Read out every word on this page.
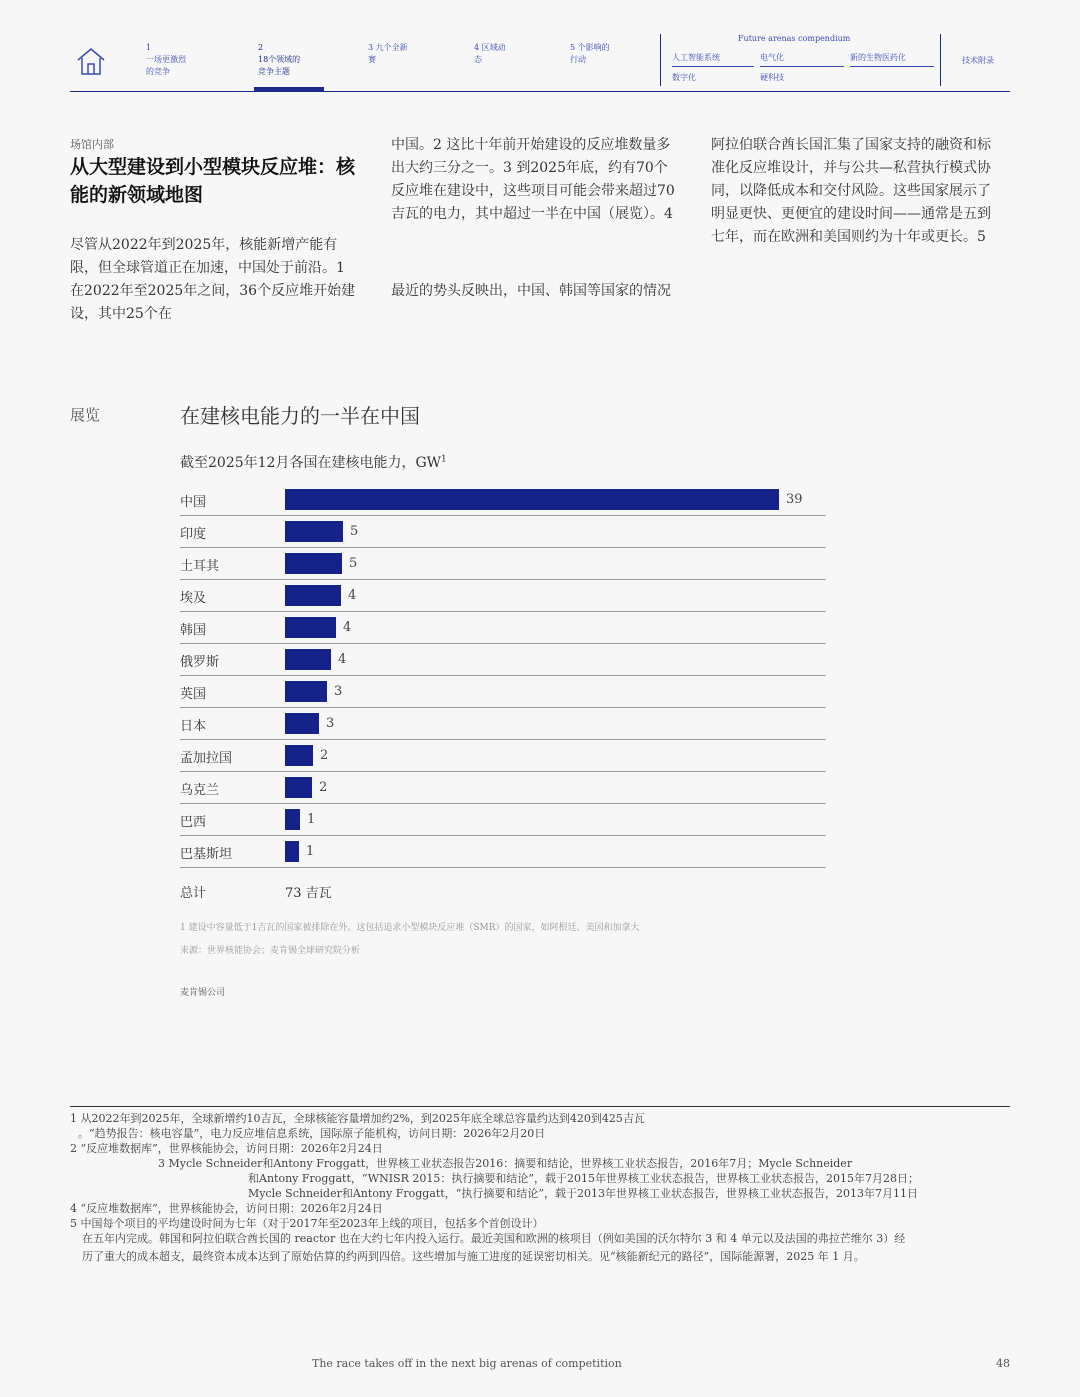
1
一场更激烈
的竞争
2
18个领域的
竞争主题
3 九个全新
赛
4 区域动
态
5 个影响的
行动
Future arenas compendium
人工智能系统	电气化	新的生物医药化
数字化	硬科技
技术附录
场馆内部
从大型建设到小型模块反应堆：核能的新领域地图
尽管从2022年到2025年，核能新增产能有限，但全球管道正在加速，中国处于前沿。1 在2022年至2025年之间，36个反应堆开始建设，其中25个在
中国。2 这比十年前开始建设的反应堆数量多出大约三分之一。3 到2025年底，约有70个反应堆在建设中，这些项目可能会带来超过70吉瓦的电力，其中超过一半在中国（展览）。4
最近的势头反映出，中国、韩国等国家的情况
阿拉伯联合酋长国汇集了国家支持的融资和标准化反应堆设计，并与公共—私营执行模式协同，以降低成本和交付风险。这些国家展示了明显更快、更便宜的建设时间——通常是五到七年，而在欧洲和美国则约为十年或更长。5
展览	在建核电能力的一半在中国
截至2025年12月各国在建核电能力，$GW^1$
中国	39
印度	5
土耳其	5
埃及	4
韩国	4
俄罗斯	4
英国	3
日本	3
孟加拉国	2
乌克兰	2
巴西	1
巴基斯坦	1
总计	73 吉瓦
1 建设中容量低于1吉瓦的国家被排除在外。这包括追求小型模块反应堆（SMR）的国家，如阿根廷、美国和加拿大
来源：世界核能协会；麦肯锡全球研究院分析
麦肯锡公司
1 从2022年到2025年，全球新增约10吉瓦，全球核能容量增加约2%，到2025年底全球总容量约达到420到425吉瓦
。“趋势报告：核电容量”，电力反应堆信息系统，国际原子能机构，访问日期：2026年2月20日
2 “反应堆数据库”，世界核能协会，访问日期：2026年2月24日
3 Mycle Schneider和Antony Froggatt，世界核工业状态报告2016：摘要和结论，世界核工业状态报告，2016年7月；Mycle Schneider
和Antony Froggatt，“WNISR 2015：执行摘要和结论”，载于2015年世界核工业状态报告，世界核工业状态报告，2015年7月28日；
Mycle Schneider和Antony Froggatt，“执行摘要和结论”，载于2013年世界核工业状态报告，世界核工业状态报告，2013年7月11日
4 “反应堆数据库”，世界核能协会，访问日期：2026年2月24日
5 中国每个项目的平均建设时间为七年（对于2017年至2023年上线的项目，包括多个首创设计）
在五年内完成。韩国和阿拉伯联合酋长国的 reactor 也在大约七年内投入运行。最近美国和欧洲的核项目（例如美国的沃尔特尔 3 和 4 单元以及法国的弗拉芒维尔 3）经
历了重大的成本超支，最终资本成本达到了原始估算的约两到四倍。这些增加与施工进度的延误密切相关。见“核能新纪元的路径”，国际能源署，2025 年 1 月。
The race takes off in the next big arenas of competition	48
